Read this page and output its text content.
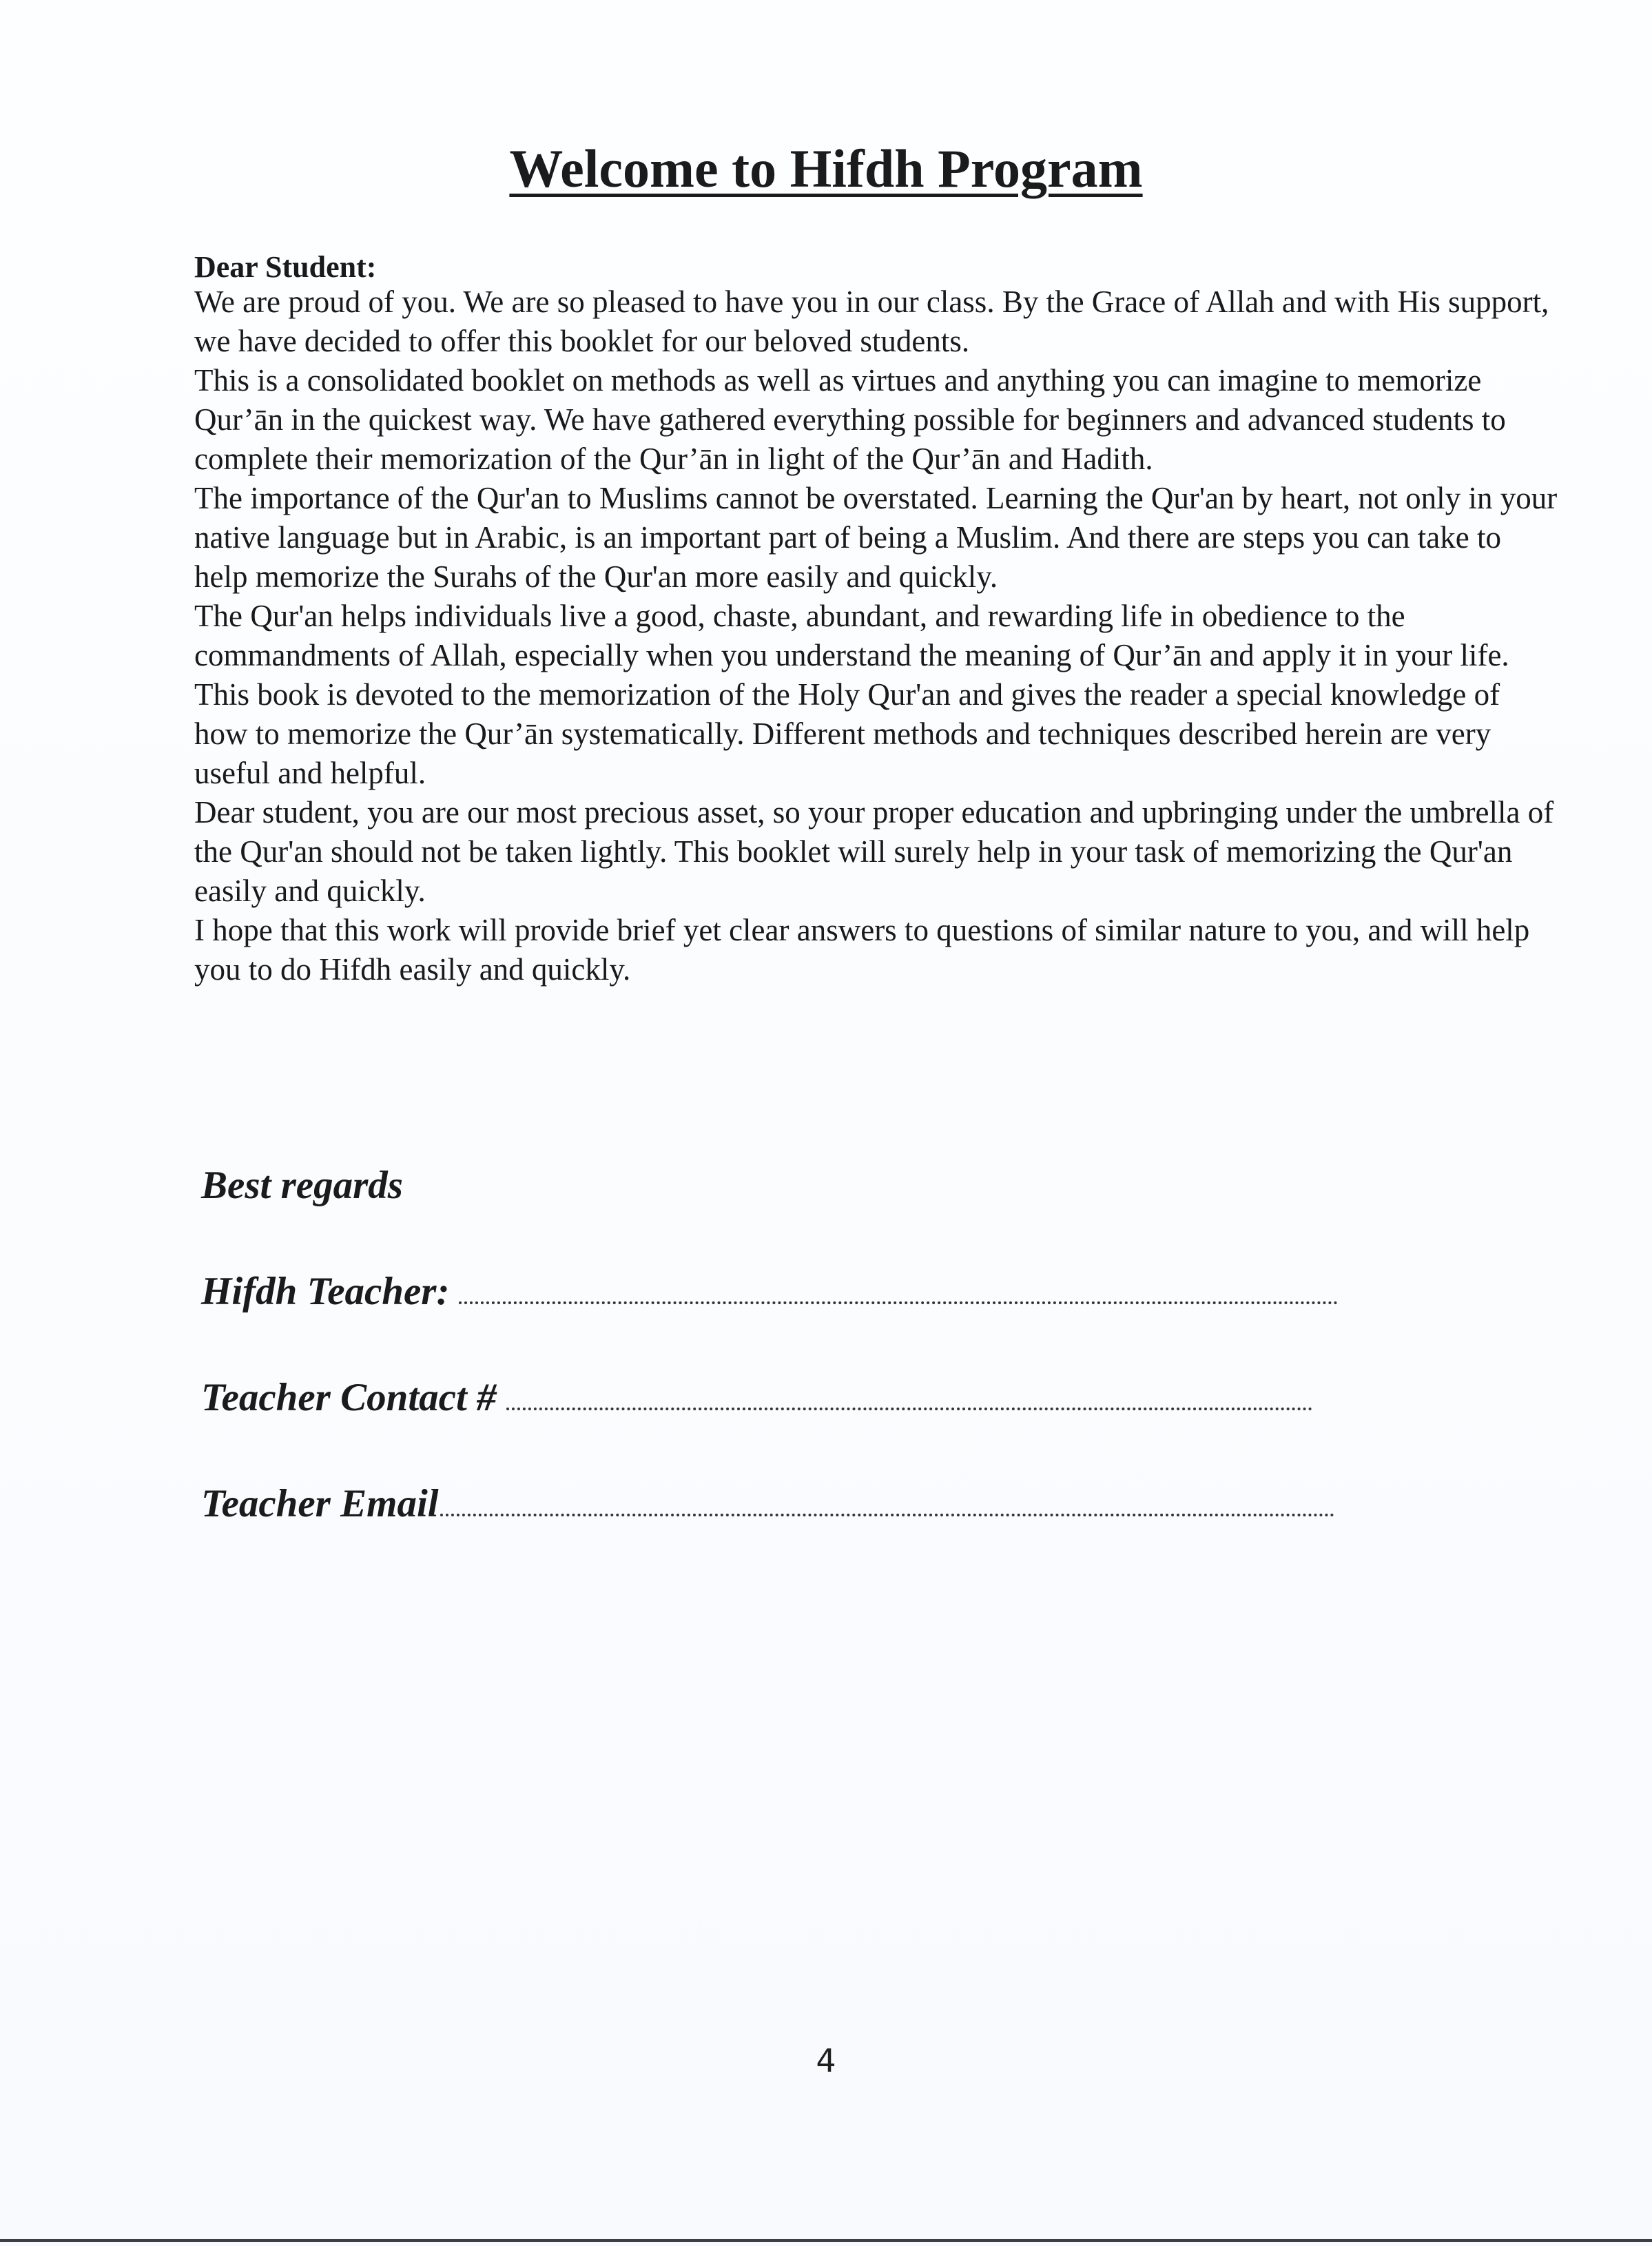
Welcome to Hifdh Program
Dear Student:

We are proud of you. We are so pleased to have you in our class. By the Grace of Allah and with His support, we have decided to offer this booklet for our beloved students.

This is a consolidated booklet on methods as well as virtues and anything you can imagine to memorize Qur’ān in the quickest way. We have gathered everything possible for beginners and advanced students to complete their memorization of the Qur’ān in light of the Qur’ān and Hadith.

The importance of the Qur'an to Muslims cannot be overstated. Learning the Qur'an by heart, not only in your native language but in Arabic, is an important part of being a Muslim. And there are steps you can take to help memorize the Surahs of the Qur'an more easily and quickly.

The Qur'an helps individuals live a good, chaste, abundant, and rewarding life in obedience to the commandments of Allah, especially when you understand the meaning of Qur’ān and apply it in your life.

This book is devoted to the memorization of the Holy Qur'an and gives the reader a special knowledge of how to memorize the Qur’ān systematically. Different methods and techniques described herein are very useful and helpful.

Dear student, you are our most precious asset, so your proper education and upbringing under the umbrella of the Qur'an should not be taken lightly. This booklet will surely help in your task of memorizing the Qur'an easily and quickly.

I hope that this work will provide brief yet clear answers to questions of similar nature to you, and will help you to do Hifdh easily and quickly.

Best regards
Hifdh Teacher:
Teacher Contact #
Teacher Email
4
